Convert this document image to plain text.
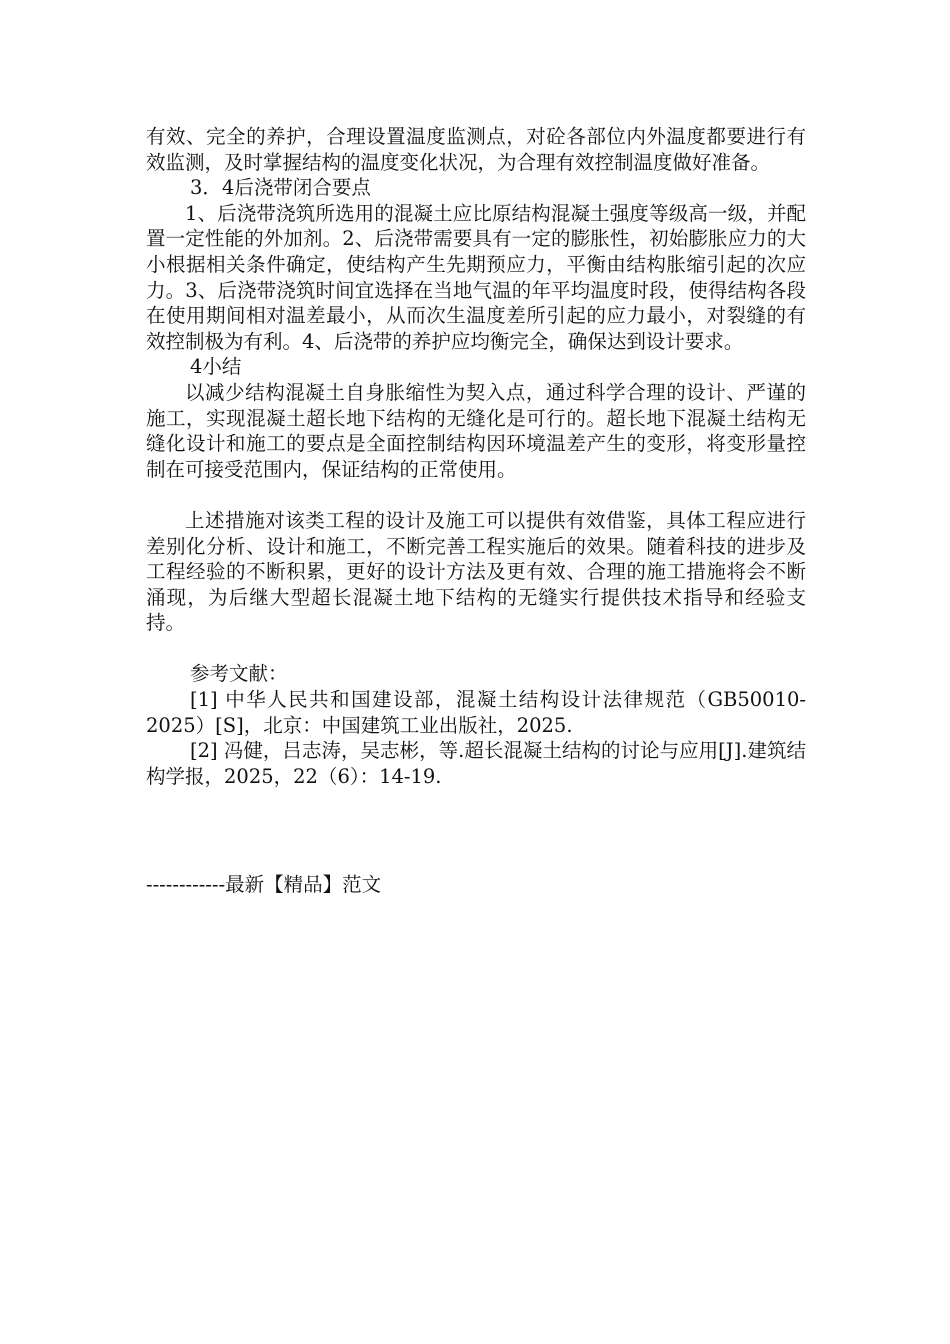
有效、完全的养护，合理设置温度监测点，对砼各部位内外温度都要进行有效监测，及时掌握结构的温度变化状况，为合理有效控制温度做好准备。

3．4后浇带闭合要点

1、后浇带浇筑所选用的混凝土应比原结构混凝土强度等级高一级，并配置一定性能的外加剂。2、后浇带需要具有一定的膨胀性，初始膨胀应力的大小根据相关条件确定，使结构产生先期预应力，平衡由结构胀缩引起的次应力。3、后浇带浇筑时间宜选择在当地气温的年平均温度时段，使得结构各段在使用期间相对温差最小，从而次生温度差所引起的应力最小，对裂缝的有效控制极为有利。4、后浇带的养护应均衡完全，确保达到设计要求。

4小结

以减少结构混凝土自身胀缩性为契入点，通过科学合理的设计、严谨的施工，实现混凝土超长地下结构的无缝化是可行的。超长地下混凝土结构无缝化设计和施工的要点是全面控制结构因环境温差产生的变形，将变形量控制在可接受范围内，保证结构的正常使用。

上述措施对该类工程的设计及施工可以提供有效借鉴，具体工程应进行差别化分析、设计和施工，不断完善工程实施后的效果。随着科技的进步及工程经验的不断积累，更好的设计方法及更有效、合理的施工措施将会不断涌现，为后继大型超长混凝土地下结构的无缝实行提供技术指导和经验支持。

参考文献：

[1] 中华人民共和国建设部，混凝土结构设计法律规范（GB50010-2025）[S]，北京：中国建筑工业出版社，2025.

[2] 冯健，吕志涛，吴志彬，等.超长混凝土结构的讨论与应用[J].建筑结构学报，2025，22（6）：14-19.

------------最新【精品】范文
